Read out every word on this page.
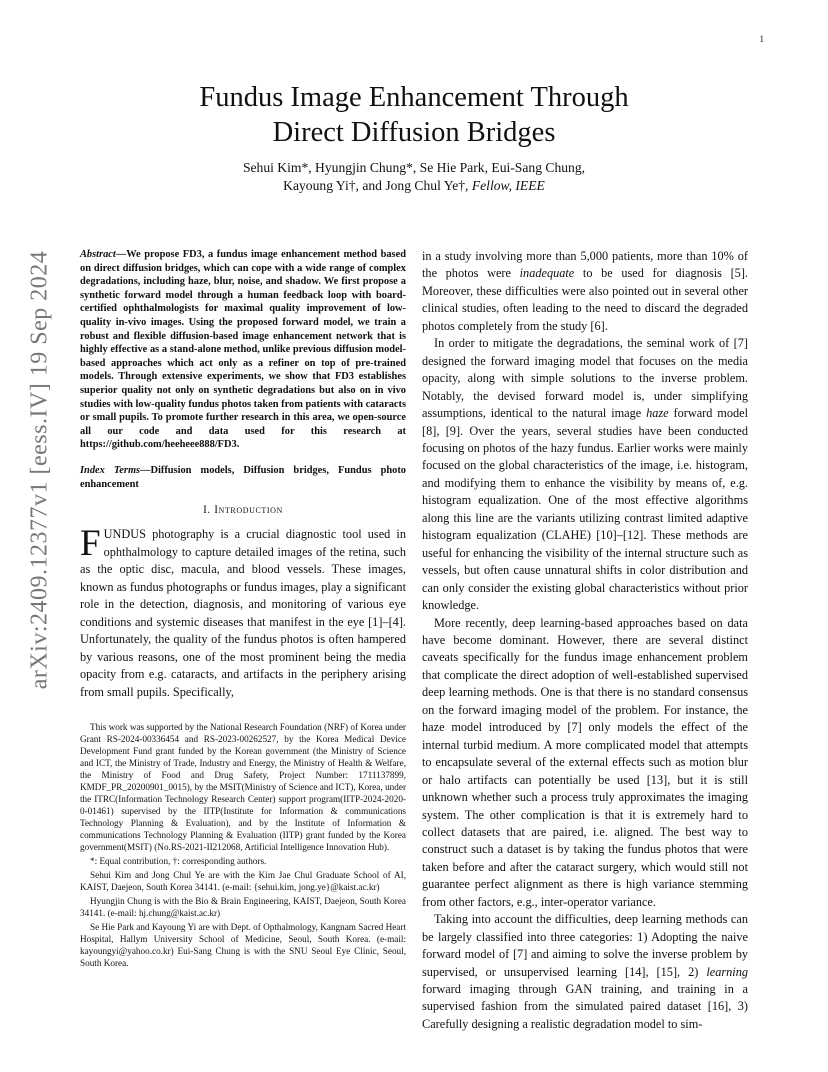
1
arXiv:2409.12377v1 [eess.IV] 19 Sep 2024
Fundus Image Enhancement Through
Direct Diffusion Bridges
Sehui Kim*, Hyungjin Chung*, Se Hie Park, Eui-Sang Chung,
Kayoung Yi†, and Jong Chul Ye†, Fellow, IEEE

Abstract—We propose FD3, a fundus image enhancement method based on direct diffusion bridges, which can cope with a wide range of complex degradations, including haze, blur, noise, and shadow. We first propose a synthetic forward model through a human feedback loop with board-certified ophthalmologists for maximal quality improvement of low-quality in-vivo images. Using the proposed forward model, we train a robust and flexible diffusion-based image enhancement network that is highly effective as a stand-alone method, unlike previous diffusion model-based approaches which act only as a refiner on top of pre-trained models. Through extensive experiments, we show that FD3 establishes superior quality not only on synthetic degradations but also on in vivo studies with low-quality fundus photos taken from patients with cataracts or small pupils. To promote further research in this area, we open-source all our code and data used for this research at https://github.com/heeheee888/FD3.

Index Terms—Diffusion models, Diffusion bridges, Fundus photo enhancement

I. Introduction

FUNDUS photography is a crucial diagnostic tool used in ophthalmology to capture detailed images of the retina, such as the optic disc, macula, and blood vessels. These images, known as fundus photographs or fundus images, play a significant role in the detection, diagnosis, and monitoring of various eye conditions and systemic diseases that manifest in the eye [1]–[4]. Unfortunately, the quality of the fundus photos is often hampered by various reasons, one of the most prominent being the media opacity from e.g. cataracts, and artifacts in the periphery arising from small pupils. Specifically,

This work was supported by the National Research Foundation (NRF) of Korea under Grant RS-2024-00336454 and RS-2023-00262527, by the Korea Medical Device Development Fund grant funded by the Korean government (the Ministry of Science and ICT, the Ministry of Trade, Industry and Energy, the Ministry of Health & Welfare, the Ministry of Food and Drug Safety, Project Number: 1711137899, KMDF_PR_20200901_0015), by the MSIT(Ministry of Science and ICT), Korea, under the ITRC(Information Technology Research Center) support program(IITP-2024-2020-0-01461) supervised by the IITP(Institute for Information & communications Technology Planning & Evaluation), and by the Institute of Information & communications Technology Planning & Evaluation (IITP) grant funded by the Korea government(MSIT) (No.RS-2021-II212068, Artificial Intelligence Innovation Hub).

*: Equal contribution, †: corresponding authors.

Sehui Kim and Jong Chul Ye are with the Kim Jae Chul Graduate School of AI, KAIST, Daejeon, South Korea 34141. (e-mail: {sehui.kim, jong.ye}@kaist.ac.kr)

Hyungjin Chung is with the Bio & Brain Engineering, KAIST, Daejeon, South Korea 34141. (e-mail: hj.chung@kaist.ac.kr)

Se Hie Park and Kayoung Yi are with Dept. of Opthalmology, Kangnam Sacred Heart Hospital, Hallym University School of Medicine, Seoul, South Korea. (e-mail: kayoungyi@yahoo.co.kr) Eui-Sang Chung is with the SNU Seoul Eye Clinic, Seoul, South Korea.

in a study involving more than 5,000 patients, more than 10% of the photos were inadequate to be used for diagnosis [5]. Moreover, these difficulties were also pointed out in several other clinical studies, often leading to the need to discard the degraded photos completely from the study [6].

In order to mitigate the degradations, the seminal work of [7] designed the forward imaging model that focuses on the media opacity, along with simple solutions to the inverse problem. Notably, the devised forward model is, under simplifying assumptions, identical to the natural image haze forward model [8], [9]. Over the years, several studies have been conducted focusing on photos of the hazy fundus. Earlier works were mainly focused on the global characteristics of the image, i.e. histogram, and modifying them to enhance the visibility by means of, e.g. histogram equalization. One of the most effective algorithms along this line are the variants utilizing contrast limited adaptive histogram equalization (CLAHE) [10]–[12]. These methods are useful for enhancing the visibility of the internal structure such as vessels, but often cause unnatural shifts in color distribution and can only consider the existing global characteristics without prior knowledge.

More recently, deep learning-based approaches based on data have become dominant. However, there are several distinct caveats specifically for the fundus image enhancement problem that complicate the direct adoption of well-established supervised deep learning methods. One is that there is no standard consensus on the forward imaging model of the problem. For instance, the haze model introduced by [7] only models the effect of the internal turbid medium. A more complicated model that attempts to encapsulate several of the external effects such as motion blur or halo artifacts can potentially be used [13], but it is still unknown whether such a process truly approximates the imaging system. The other complication is that it is extremely hard to collect datasets that are paired, i.e. aligned. The best way to construct such a dataset is by taking the fundus photos that were taken before and after the cataract surgery, which would still not guarantee perfect alignment as there is high variance stemming from other factors, e.g., inter-operator variance.

Taking into account the difficulties, deep learning methods can be largely classified into three categories: 1) Adopting the naive forward model of [7] and aiming to solve the inverse problem by supervised, or unsupervised learning [14], [15], 2) learning forward imaging through GAN training, and training in a supervised fashion from the simulated paired dataset [16], 3) Carefully designing a realistic degradation model to sim-
